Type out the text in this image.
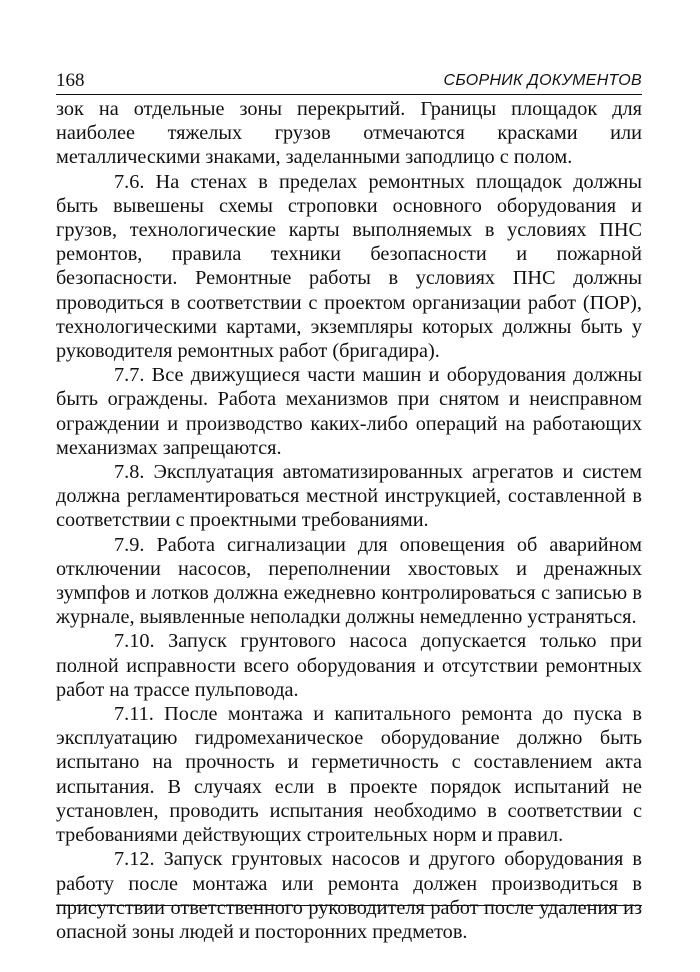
168	СБОРНИК ДОКУМЕНТОВ

зок на отдельные зоны перекрытий. Границы площадок для наиболее тяжелых грузов отмечаются красками или металлическими знаками, заделанными заподлицо с полом.

7.6. На стенах в пределах ремонтных площадок должны быть вывешены схемы строповки основного оборудования и грузов, технологические карты выполняемых в условиях ПНС ремонтов, правила техники безопасности и пожарной безопасности. Ремонтные работы в условиях ПНС должны проводиться в соответствии с проектом организации работ (ПОР), технологическими картами, экземпляры которых должны быть у руководителя ремонтных работ (бригадира).

7.7. Все движущиеся части машин и оборудования должны быть ограждены. Работа механизмов при снятом и неисправном ограждении и производство каких-либо операций на работающих механизмах запрещаются.

7.8. Эксплуатация автоматизированных агрегатов и систем должна регламентироваться местной инструкцией, составленной в соответствии с проектными требованиями.

7.9. Работа сигнализации для оповещения об аварийном отключении насосов, переполнении хвостовых и дренажных зумпфов и лотков должна ежедневно контролироваться с записью в журнале, выявленные неполадки должны немедленно устраняться.

7.10. Запуск грунтового насоса допускается только при полной исправности всего оборудования и отсутствии ремонтных работ на трассе пульповода.

7.11. После монтажа и капитального ремонта до пуска в эксплуатацию гидромеханическое оборудование должно быть испытано на прочность и герметичность с составлением акта испытания. В случаях если в проекте порядок испытаний не установлен, проводить испытания необходимо в соответствии с требованиями действующих строительных норм и правил.

7.12. Запуск грунтовых насосов и другого оборудования в работу после монтажа или ремонта должен производиться в присутствии ответственного руководителя работ после удаления из опасной зоны людей и посторонних предметов.
